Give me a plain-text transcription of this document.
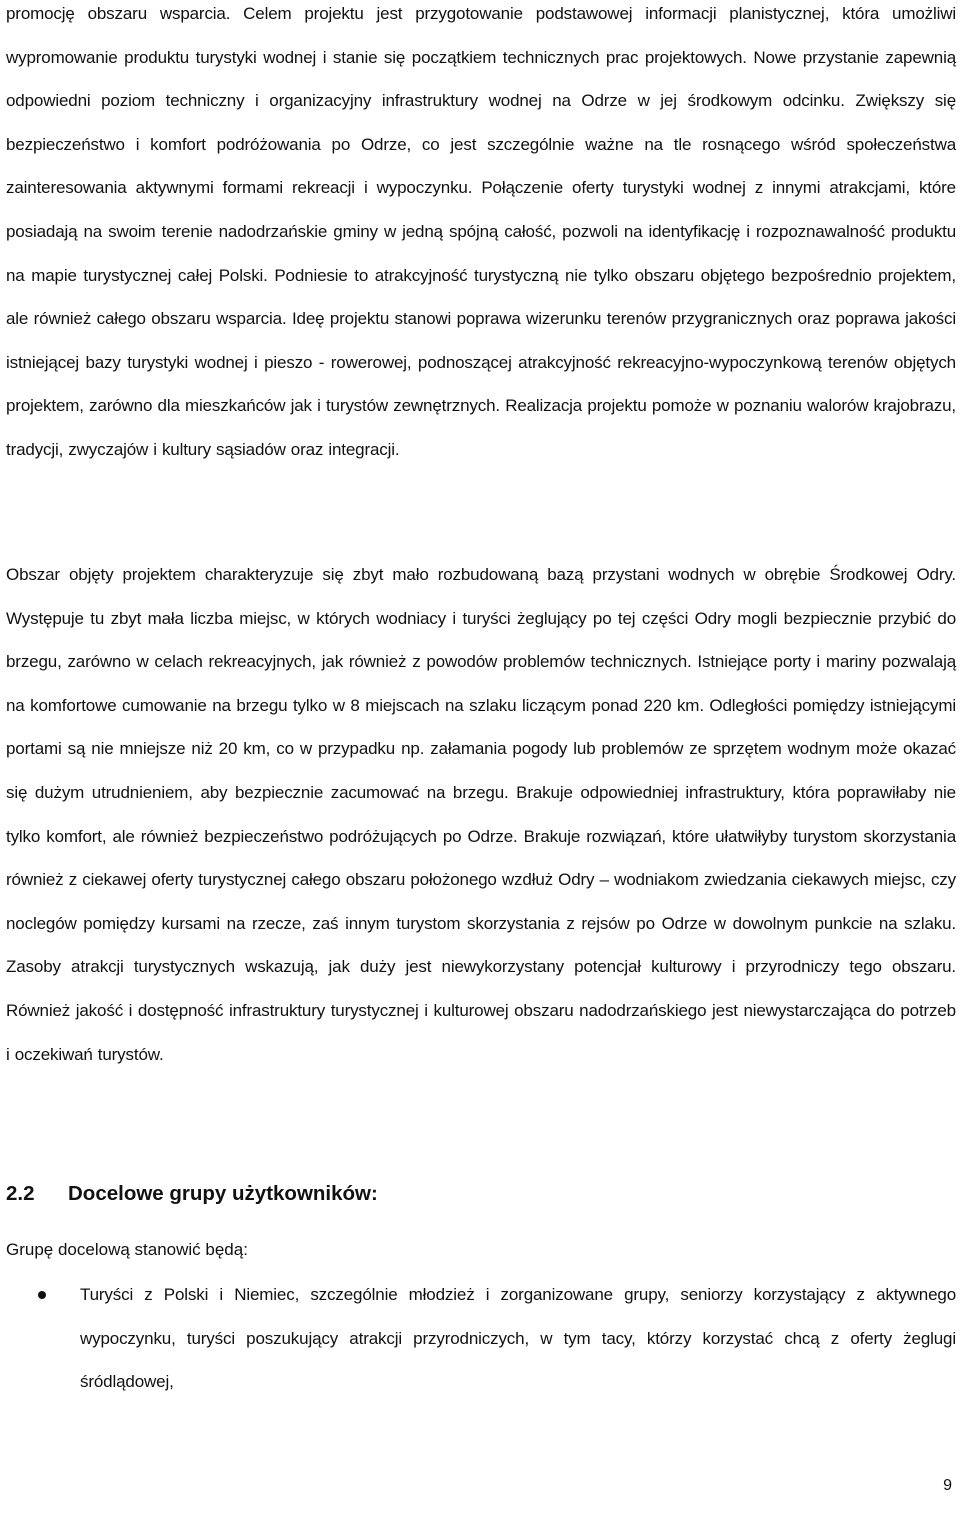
promocję obszaru wsparcia. Celem projektu jest przygotowanie podstawowej informacji planistycznej, która umożliwi wypromowanie produktu turystyki wodnej i stanie się początkiem technicznych prac projektowych. Nowe przystanie zapewnią odpowiedni poziom techniczny i organizacyjny infrastruktury wodnej na Odrze w jej środkowym odcinku. Zwiększy się bezpieczeństwo i komfort podróżowania po Odrze, co jest szczególnie ważne na tle rosnącego wśród społeczeństwa zainteresowania aktywnymi formami rekreacji i wypoczynku. Połączenie oferty turystyki wodnej z innymi atrakcjami, które posiadają na swoim terenie nadodrzańskie gminy w jedną spójną całość, pozwoli na identyfikację i rozpoznawalność produktu na mapie turystycznej całej Polski. Podniesie to atrakcyjność turystyczną nie tylko obszaru objętego bezpośrednio projektem, ale również całego obszaru wsparcia. Ideę projektu stanowi poprawa wizerunku terenów przygranicznych oraz poprawa jakości istniejącej bazy turystyki wodnej i pieszo - rowerowej, podnoszącej atrakcyjność rekreacyjno-wypoczynkową terenów objętych projektem, zarówno dla mieszkańców jak i turystów zewnętrznych. Realizacja projektu pomoże w poznaniu walorów krajobrazu, tradycji, zwyczajów i kultury sąsiadów oraz integracji.

Obszar objęty projektem charakteryzuje się zbyt mało rozbudowaną bazą przystani wodnych w obrębie Środkowej Odry. Występuje tu zbyt mała liczba miejsc, w których wodniacy i turyści żeglujący po tej części Odry mogli bezpiecznie przybić do brzegu, zarówno w celach rekreacyjnych, jak również z powodów problemów technicznych. Istniejące porty i mariny pozwalają na komfortowe cumowanie na brzegu tylko w 8 miejscach na szlaku liczącym ponad 220 km. Odległości pomiędzy istniejącymi portami są nie mniejsze niż 20 km, co w przypadku np. załamania pogody lub problemów ze sprzętem wodnym może okazać się dużym utrudnieniem, aby bezpiecznie zacumować na brzegu. Brakuje odpowiedniej infrastruktury, która poprawiłaby nie tylko komfort, ale również bezpieczeństwo podróżujących po Odrze. Brakuje rozwiązań, które ułatwiłyby turystom skorzystania również z ciekawej oferty turystycznej całego obszaru położonego wzdłuż Odry – wodniakom zwiedzania ciekawych miejsc, czy noclegów pomiędzy kursami na rzecze, zaś innym turystom skorzystania z rejsów po Odrze w dowolnym punkcie na szlaku. Zasoby atrakcji turystycznych wskazują, jak duży jest niewykorzystany potencjał kulturowy i przyrodniczy tego obszaru. Również jakość i dostępność infrastruktury turystycznej i kulturowej obszaru nadodrzańskiego jest niewystarczająca do potrzeb i oczekiwań turystów.

2.2 Docelowe grupy użytkowników:

Grupę docelową stanowić będą:

Turyści z Polski i Niemiec, szczególnie młodzież i zorganizowane grupy, seniorzy korzystający z aktywnego wypoczynku, turyści poszukujący atrakcji przyrodniczych, w tym tacy, którzy korzystać chcą z oferty żeglugi śródlądowej,
9
